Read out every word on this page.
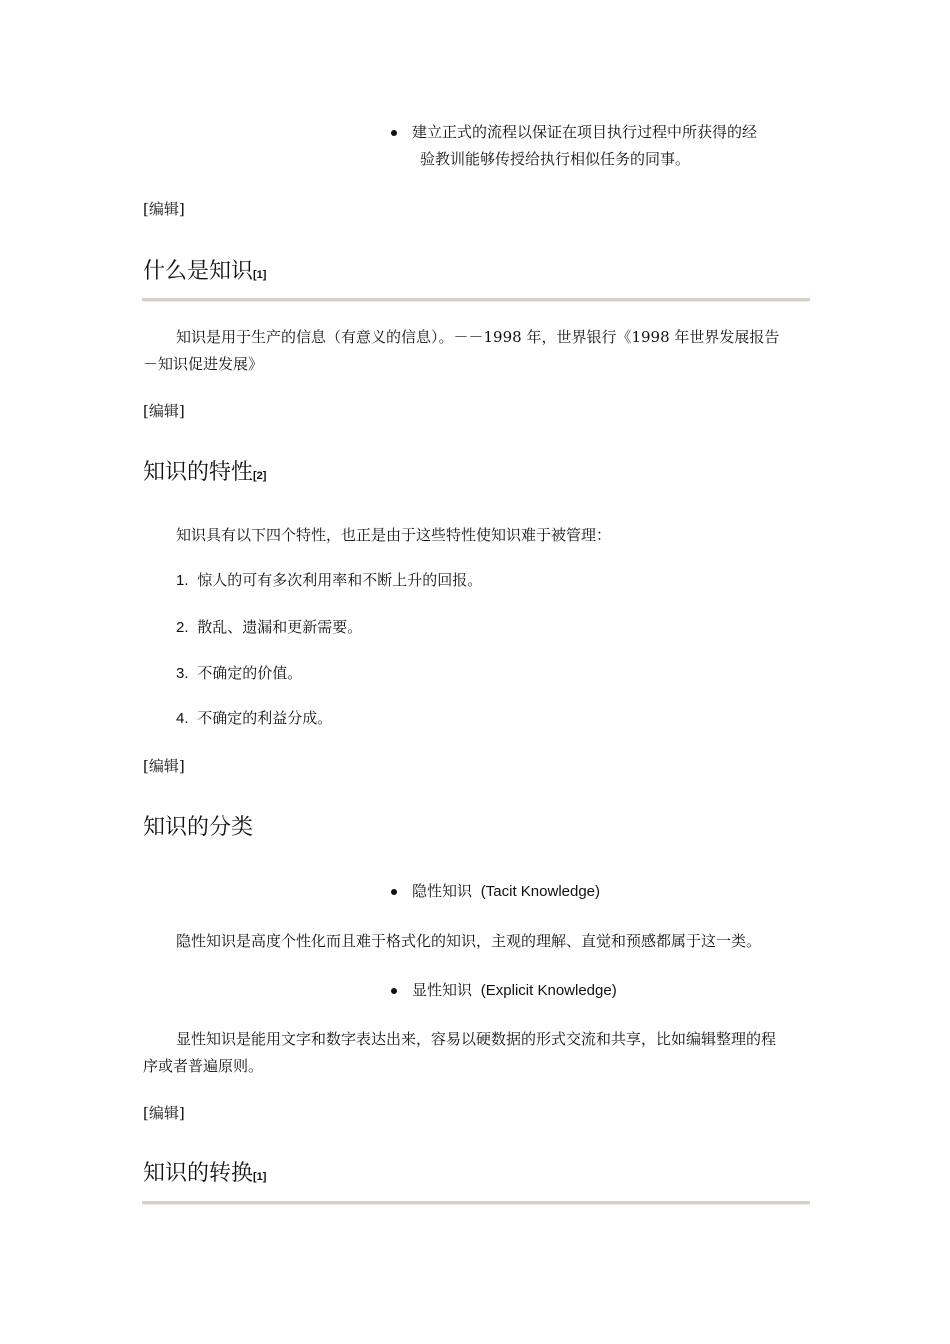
建立正式的流程以保证在项目执行过程中所获得的经
验教训能够传授给执行相似任务的同事。
[编辑]
什么是知识[1]
知识是用于生产的信息（有意义的信息）。－－1998 年，世界银行《1998 年世界发展报告
－知识促进发展》
[编辑]
知识的特性[2]
知识具有以下四个特性，也正是由于这些特性使知识难于被管理：
1. 惊人的可有多次利用率和不断上升的回报。
2. 散乱、遗漏和更新需要。
3. 不确定的价值。
4. 不确定的利益分成。
[编辑]
知识的分类
隐性知识 (Tacit Knowledge)
隐性知识是高度个性化而且难于格式化的知识，主观的理解、直觉和预感都属于这一类。
显性知识 (Explicit Knowledge)
显性知识是能用文字和数字表达出来，容易以硬数据的形式交流和共享，比如编辑整理的程
序或者普遍原则。
[编辑]
知识的转换[1]
